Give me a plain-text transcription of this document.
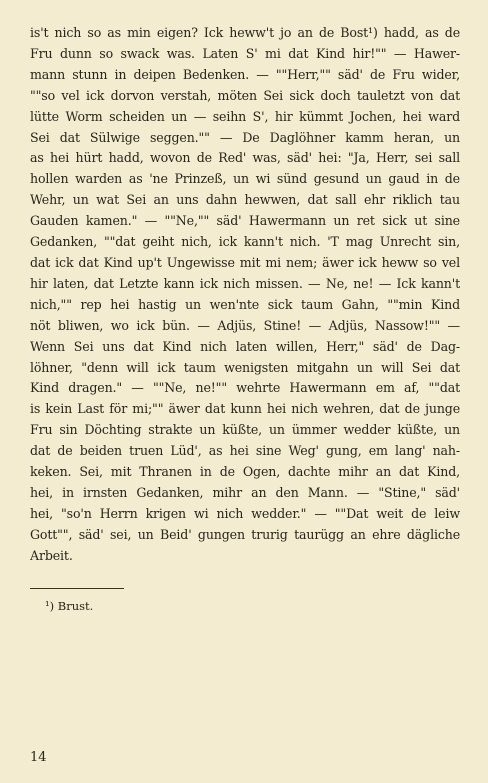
is't nich so as min eigen? Ick heww't jo an de Bost¹) hadd, as de
Fru dunn so swack was. Laten S' mi dat Kind hir!"" — Hawer-
mann stunn in deipen Bedenken. — ""Herr,"" säd' de Fru wider,
""so vel ick dorvon verstah, möten Sei sick doch tauletzt von dat
lütte Worm scheiden un — seihn S', hir kümmt Jochen, hei ward
Sei dat Sülwige seggen."" — De Daglöhner kamm heran, un
as hei hürt hadd, wovon de Red' was, säd' hei: "Ja, Herr, sei sall
hollen warden as 'ne Prinzeß, un wi sünd gesund un gaud in de
Wehr, un wat Sei an uns dahn hewwen, dat sall ehr riklich tau
Gauden kamen." — ""Ne,"" säd' Hawermann un ret sick ut sine
Gedanken, ""dat geiht nich, ick kann't nich. 'T mag Unrecht sin,
dat ick dat Kind up't Ungewisse mit mi nem; äwer ick heww so vel
hir laten, dat Letzte kann ick nich missen. — Ne, ne! — Ick kann't
nich,"" rep hei hastig un wen'nte sick taum Gahn, ""min Kind
nöt bliwen, wo ick bün. — Adjüs, Stine! — Adjüs, Nassow!"" —
Wenn Sei uns dat Kind nich laten willen, Herr," säd' de Dag-
löhner, "denn will ick taum wenigsten mitgahn un will Sei dat
Kind dragen." — ""Ne, ne!"" wehrte Hawermann em af, ""dat
is kein Last för mi;"" äwer dat kunn hei nich wehren, dat de junge
Fru sin Döchting strakte un küßte, un ümmer wedder küßte, un
dat de beiden truen Lüd', as hei sine Weg' gung, em lang' nah-
keken. Sei, mit Thranen in de Ogen, dachte mihr an dat Kind,
hei, in irnsten Gedanken, mihr an den Mann. — "Stine," säd'
hei, "so'n Herrn krigen wi nich wedder." — ""Dat weit de leiw
Gott"", säd' sei, un Beid' gungen trurig taurügg an ehre dägliche
Arbeit.
¹) Brust.
14
